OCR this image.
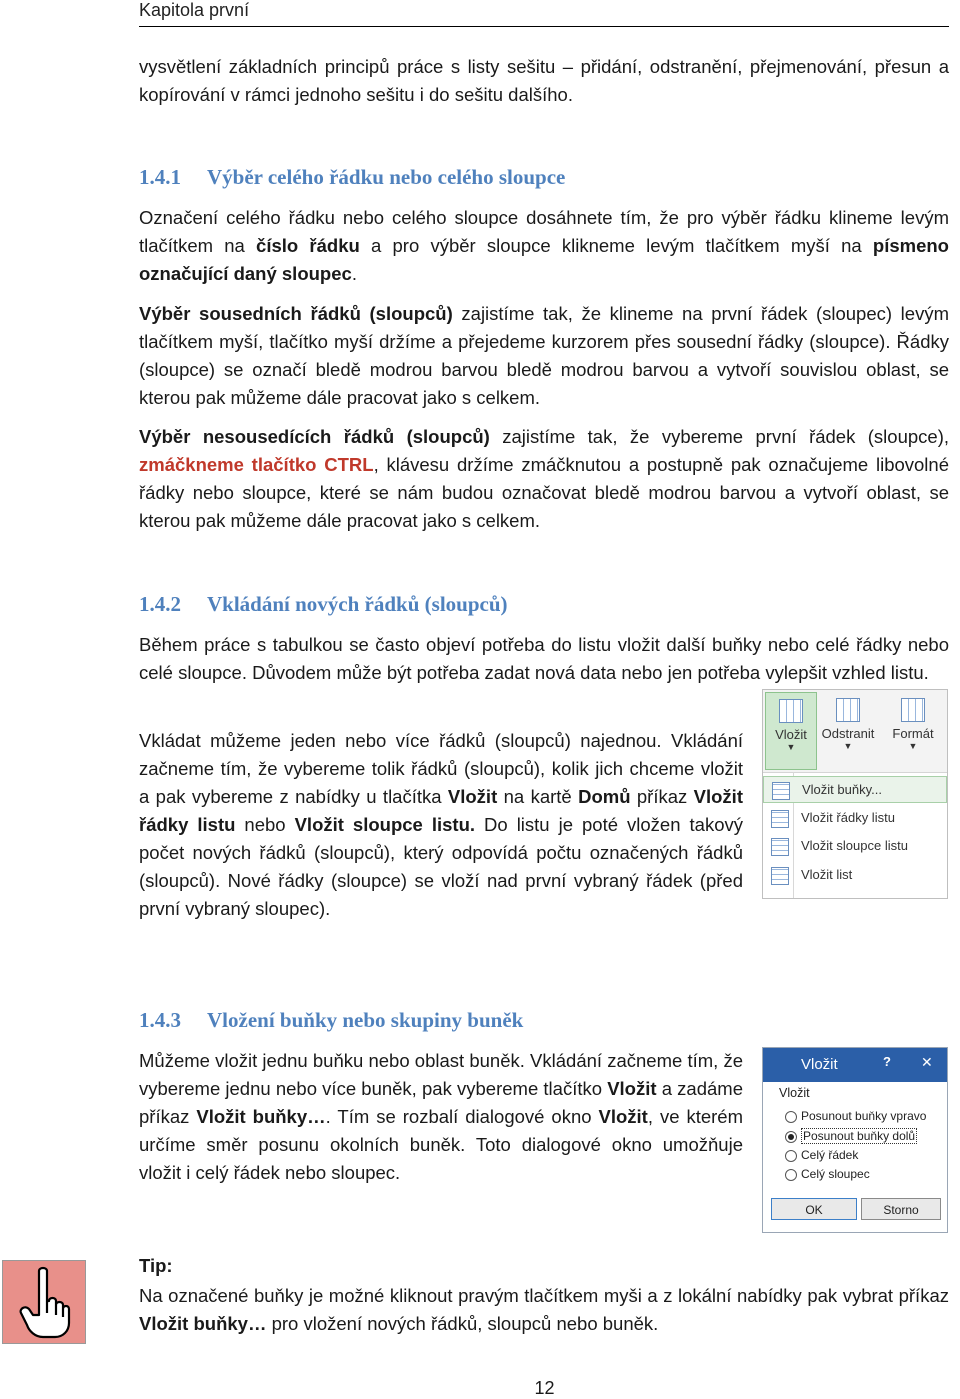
Kapitola první
vysvětlení základních principů práce s listy sešitu – přidání, odstranění, přejmenování, přesun a kopírování v rámci jednoho sešitu i do sešitu dalšího.
1.4.1 Výběr celého řádku nebo celého sloupce
Označení celého řádku nebo celého sloupce dosáhnete tím, že pro výběr řádku klineme levým tlačítkem na číslo řádku a pro výběr sloupce klikneme levým tlačítkem myší na písmeno označující daný sloupec.
Výběr sousedních řádků (sloupců) zajistíme tak, že klineme na první řádek (sloupec) levým tlačítkem myší, tlačítko myší držíme a přejedeme kurzorem přes sousední řádky (sloupce). Řádky (sloupce) se označí bledě modrou barvou bledě modrou barvou a vytvoří souvislou oblast, se kterou pak můžeme dále pracovat jako s celkem.
Výběr nesousedících řádků (sloupců) zajistíme tak, že vybereme první řádek (sloupce), zmáčkneme tlačítko CTRL, klávesu držíme zmáčknutou a postupně pak označujeme libovolné řádky nebo sloupce, které se nám budou označovat bledě modrou barvou a vytvoří oblast, se kterou pak můžeme dále pracovat jako s celkem.
1.4.2 Vkládání nových řádků (sloupců)
Během práce s tabulkou se často objeví potřeba do listu vložit další buňky nebo celé řádky nebo celé sloupce. Důvodem může být potřeba zadat nová data nebo jen potřeba vylepšit vzhled listu.
Vkládat můžeme jeden nebo více řádků (sloupců) najednou. Vkládání začneme tím, že vybereme tolik řádků (sloupců), kolik jich chceme vložit a pak vybereme z nabídky u tlačítka Vložit na kartě Domů příkaz Vložit řádky listu nebo Vložit sloupce listu. Do listu je poté vložen takový počet nových řádků (sloupců), který odpovídá počtu označených řádků (sloupců). Nové řádky (sloupce) se vloží nad první vybraný řádek (před první vybraný sloupec).
Vložit
▼
Odstranit
▼
Formát
▼
Vložit buňky...
Vložit řádky listu
Vložit sloupce listu
Vložit list
1.4.3 Vložení buňky nebo skupiny buněk
Můžeme vložit jednu buňku nebo oblast buněk. Vkládání začneme tím, že vybereme jednu nebo více buněk, pak vybereme tlačítko Vložit a zadáme příkaz Vložit buňky…. Tím se rozbalí dialogové okno Vložit, ve kterém určíme směr posunu okolních buněk. Toto dialogové okno umožňuje vložit i celý řádek nebo sloupec.
Vložit	? ✕
Vložit
Posunout buňky vpravo
Posunout buňky dolů
Celý řádek
Celý sloupec
OK	Storno
Tip:
Na označené buňky je možné kliknout pravým tlačítkem myši a z lokální nabídky pak vybrat příkaz Vložit buňky… pro vložení nových řádků, sloupců nebo buněk.
12
